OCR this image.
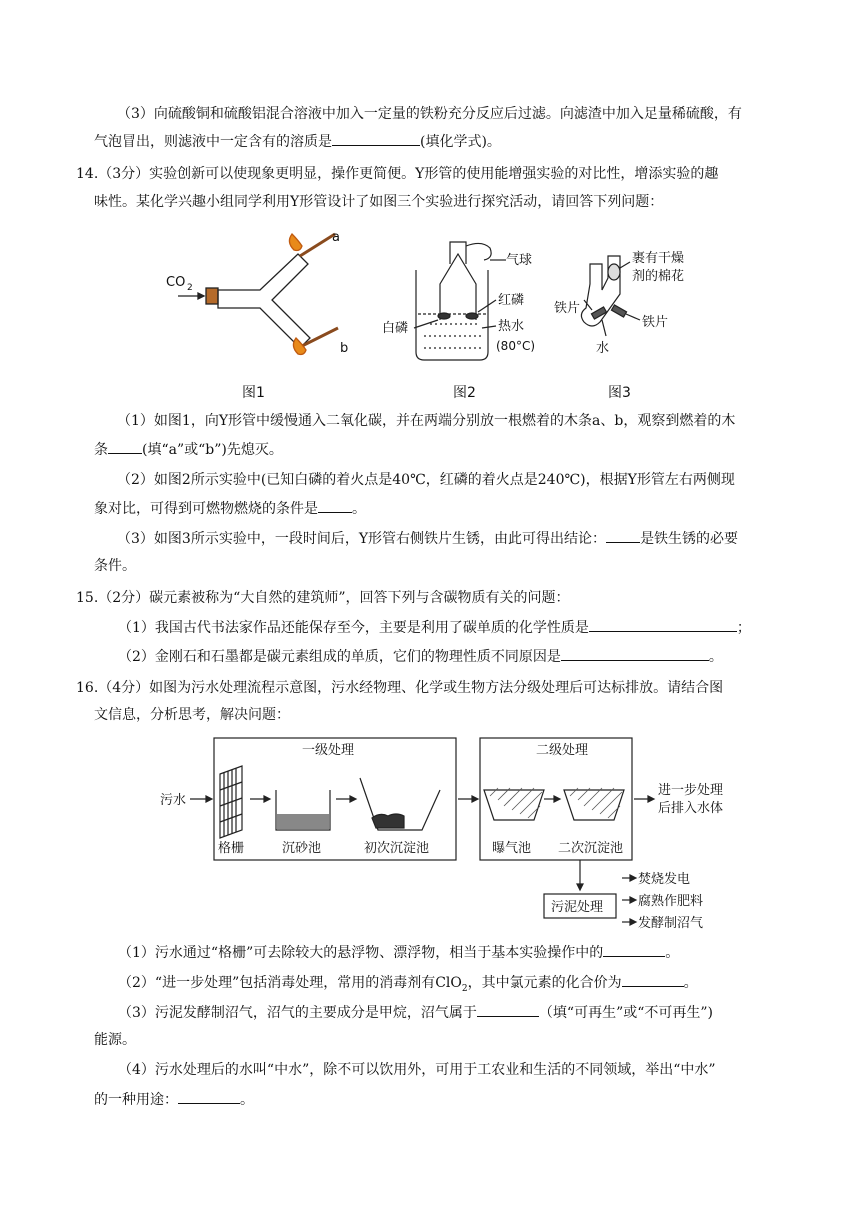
（3）向硫酸铜和硫酸铝混合溶液中加入一定量的铁粉充分反应后过滤。向滤渣中加入足量稀硫酸，有
气泡冒出，则滤液中一定含有的溶质是	(填化学式)。
14.（3分）实验创新可以使现象更明显，操作更简便。Y形管的使用能增强实验的对比性，增添实验的趣
味性。某化学兴趣小组同学利用Y形管设计了如图三个实验进行探究活动，请回答下列问题：
CO 2
a
b
气球
红磷
白磷	热水
(80°C)
裹有干燥
剂的棉花
铁片
铁片
水
图1	图2	图3
（1）如图1，向Y形管中缓慢通入二氧化碳，并在两端分别放一根燃着的木条a、b，观察到燃着的木
条 (填“a”或“b”)先熄灭。
（2）如图2所示实验中(已知白磷的着火点是40℃，红磷的着火点是240℃)，根据Y形管左右两侧现
象对比，可得到可燃物燃烧的条件是 。
（3）如图3所示实验中，一段时间后，Y形管右侧铁片生锈，由此可得出结论： 是铁生锈的必要
条件。
15.（2分）碳元素被称为“大自然的建筑师”，回答下列与含碳物质有关的问题：
（1）我国古代书法家作品还能保存至今，主要是利用了碳单质的化学性质是	；
（2）金刚石和石墨都是碳元素组成的单质，它们的物理性质不同原因是	。
16.（4分）如图为污水处理流程示意图，污水经物理、化学或生物方法分级处理后可达标排放。请结合图
文信息，分析思考，解决问题：
一级处理	二级处理
污水
格栅	沉砂池	初次沉淀池	曝气池 二次沉淀池
进一步处理
后排入水体
污泥处理
焚烧发电
腐熟作肥料
发酵制沼气
（1）污水通过“格栅”可去除较大的悬浮物、漂浮物，相当于基本实验操作中的	。
（2）“进一步处理”包括消毒处理，常用的消毒剂有ClO$_2$，其中氯元素的化合价为	。
（3）污泥发酵制沼气，沼气的主要成分是甲烷，沼气属于	（填“可再生”或“不可再生”)
能源。
（4）污水处理后的水叫“中水”，除不可以饮用外，可用于工农业和生活的不同领域，举出“中水”
的一种用途：	。
